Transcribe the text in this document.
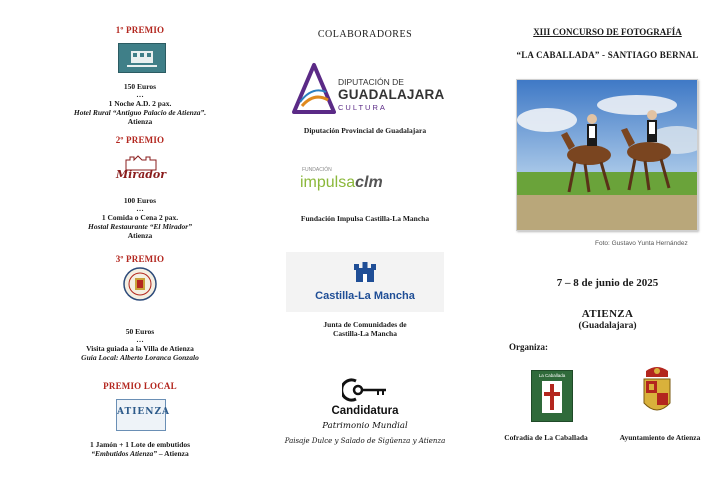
1º PREMIO
150 Euros
…
1 Noche A.D. 2 pax.
Hotel Rural “Antiguo Palacio de Atienza”.
Atienza
2º PREMIO
Mirador
100 Euros
…
1 Comida o Cena 2 pax.
Hostal Restaurante “El Mirador”
Atienza
3º PREMIO
50 Euros
…
Visita guiada a la Villa de Atienza
Guía Local: Alberto Loranca Gonzalo
PREMIO LOCAL
ATIENZA
1 Jamón + 1 Lote de embutidos
“Embutidos Atienza” – Atienza
COLABORADORES
DIPUTACIÓN DE
GUADALAJARA
CULTURA
Diputación Provincial de Guadalajara
FUNDACIÓN
impulsaclm
Fundación Impulsa Castilla-La Mancha
Castilla-La Mancha
Junta de Comunidades de
Castilla-La Mancha
Candidatura
Patrimonio Mundial
Paisaje Dulce y Salado de Sigüenza y Atienza
XIII CONCURSO DE FOTOGRAFÍA
“LA CABALLADA” - SANTIAGO BERNAL
Foto: Gustavo Yunta Hernández
7 – 8 de junio de 2025
ATIENZA
(Guadalajara)
Organiza:
La Caballada
Cofradía de La Caballada	Ayuntamiento de Atienza
